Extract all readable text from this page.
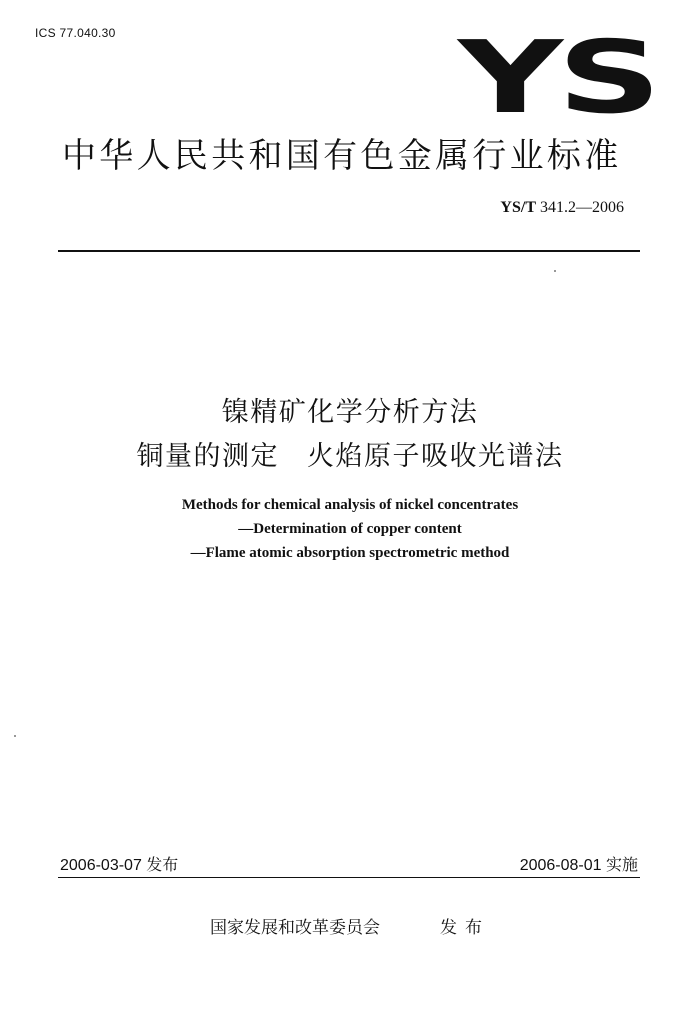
ICS 77.040.30	YS
中华人民共和国有色金属行业标准
YS/T 341.2—2006
镍精矿化学分析方法
铜量的测定 火焰原子吸收光谱法
Methods for chemical analysis of nickel concentrates
—Determination of copper content
—Flame atomic absorption spectrometric method
2006-03-07 发布	2006-08-01 实施
国家发展和改革委员会	发布
